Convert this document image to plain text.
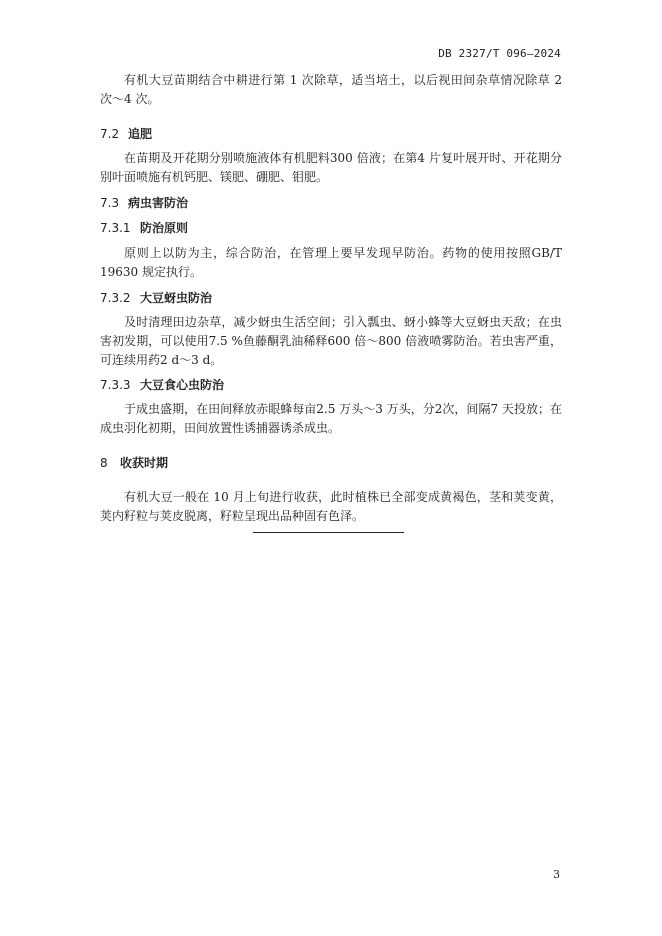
DB 2327/T 096—2024

有机大豆苗期结合中耕进行第 1 次除草，适当培土，以后视田间杂草情况除草 2 次～4 次。

7.2 追肥

在苗期及开花期分别喷施液体有机肥料300 倍液；在第4 片复叶展开时、开花期分别叶面喷施有机钙肥、镁肥、硼肥、钼肥。

7.3 病虫害防治
7.3.1 防治原则

原则上以防为主，综合防治，在管理上要早发现早防治。药物的使用按照GB/T 19630 规定执行。

7.3.2 大豆蚜虫防治

及时清理田边杂草，减少蚜虫生活空间；引入瓢虫、蚜小蜂等大豆蚜虫天敌；在虫害初发期，可以使用7.5 %鱼藤酮乳油稀释600 倍～800 倍液喷雾防治。若虫害严重，可连续用药2 d～3 d。

7.3.3 大豆食心虫防治

于成虫盛期，在田间释放赤眼蜂每亩2.5 万头～3 万头，分2次，间隔7 天投放；在成虫羽化初期，田间放置性诱捕器诱杀成虫。

8 收获时期

有机大豆一般在 10 月上旬进行收获，此时植株已全部变成黄褐色，茎和荚变黄，荚内籽粒与荚皮脱离，籽粒呈现出品种固有色泽。

3
